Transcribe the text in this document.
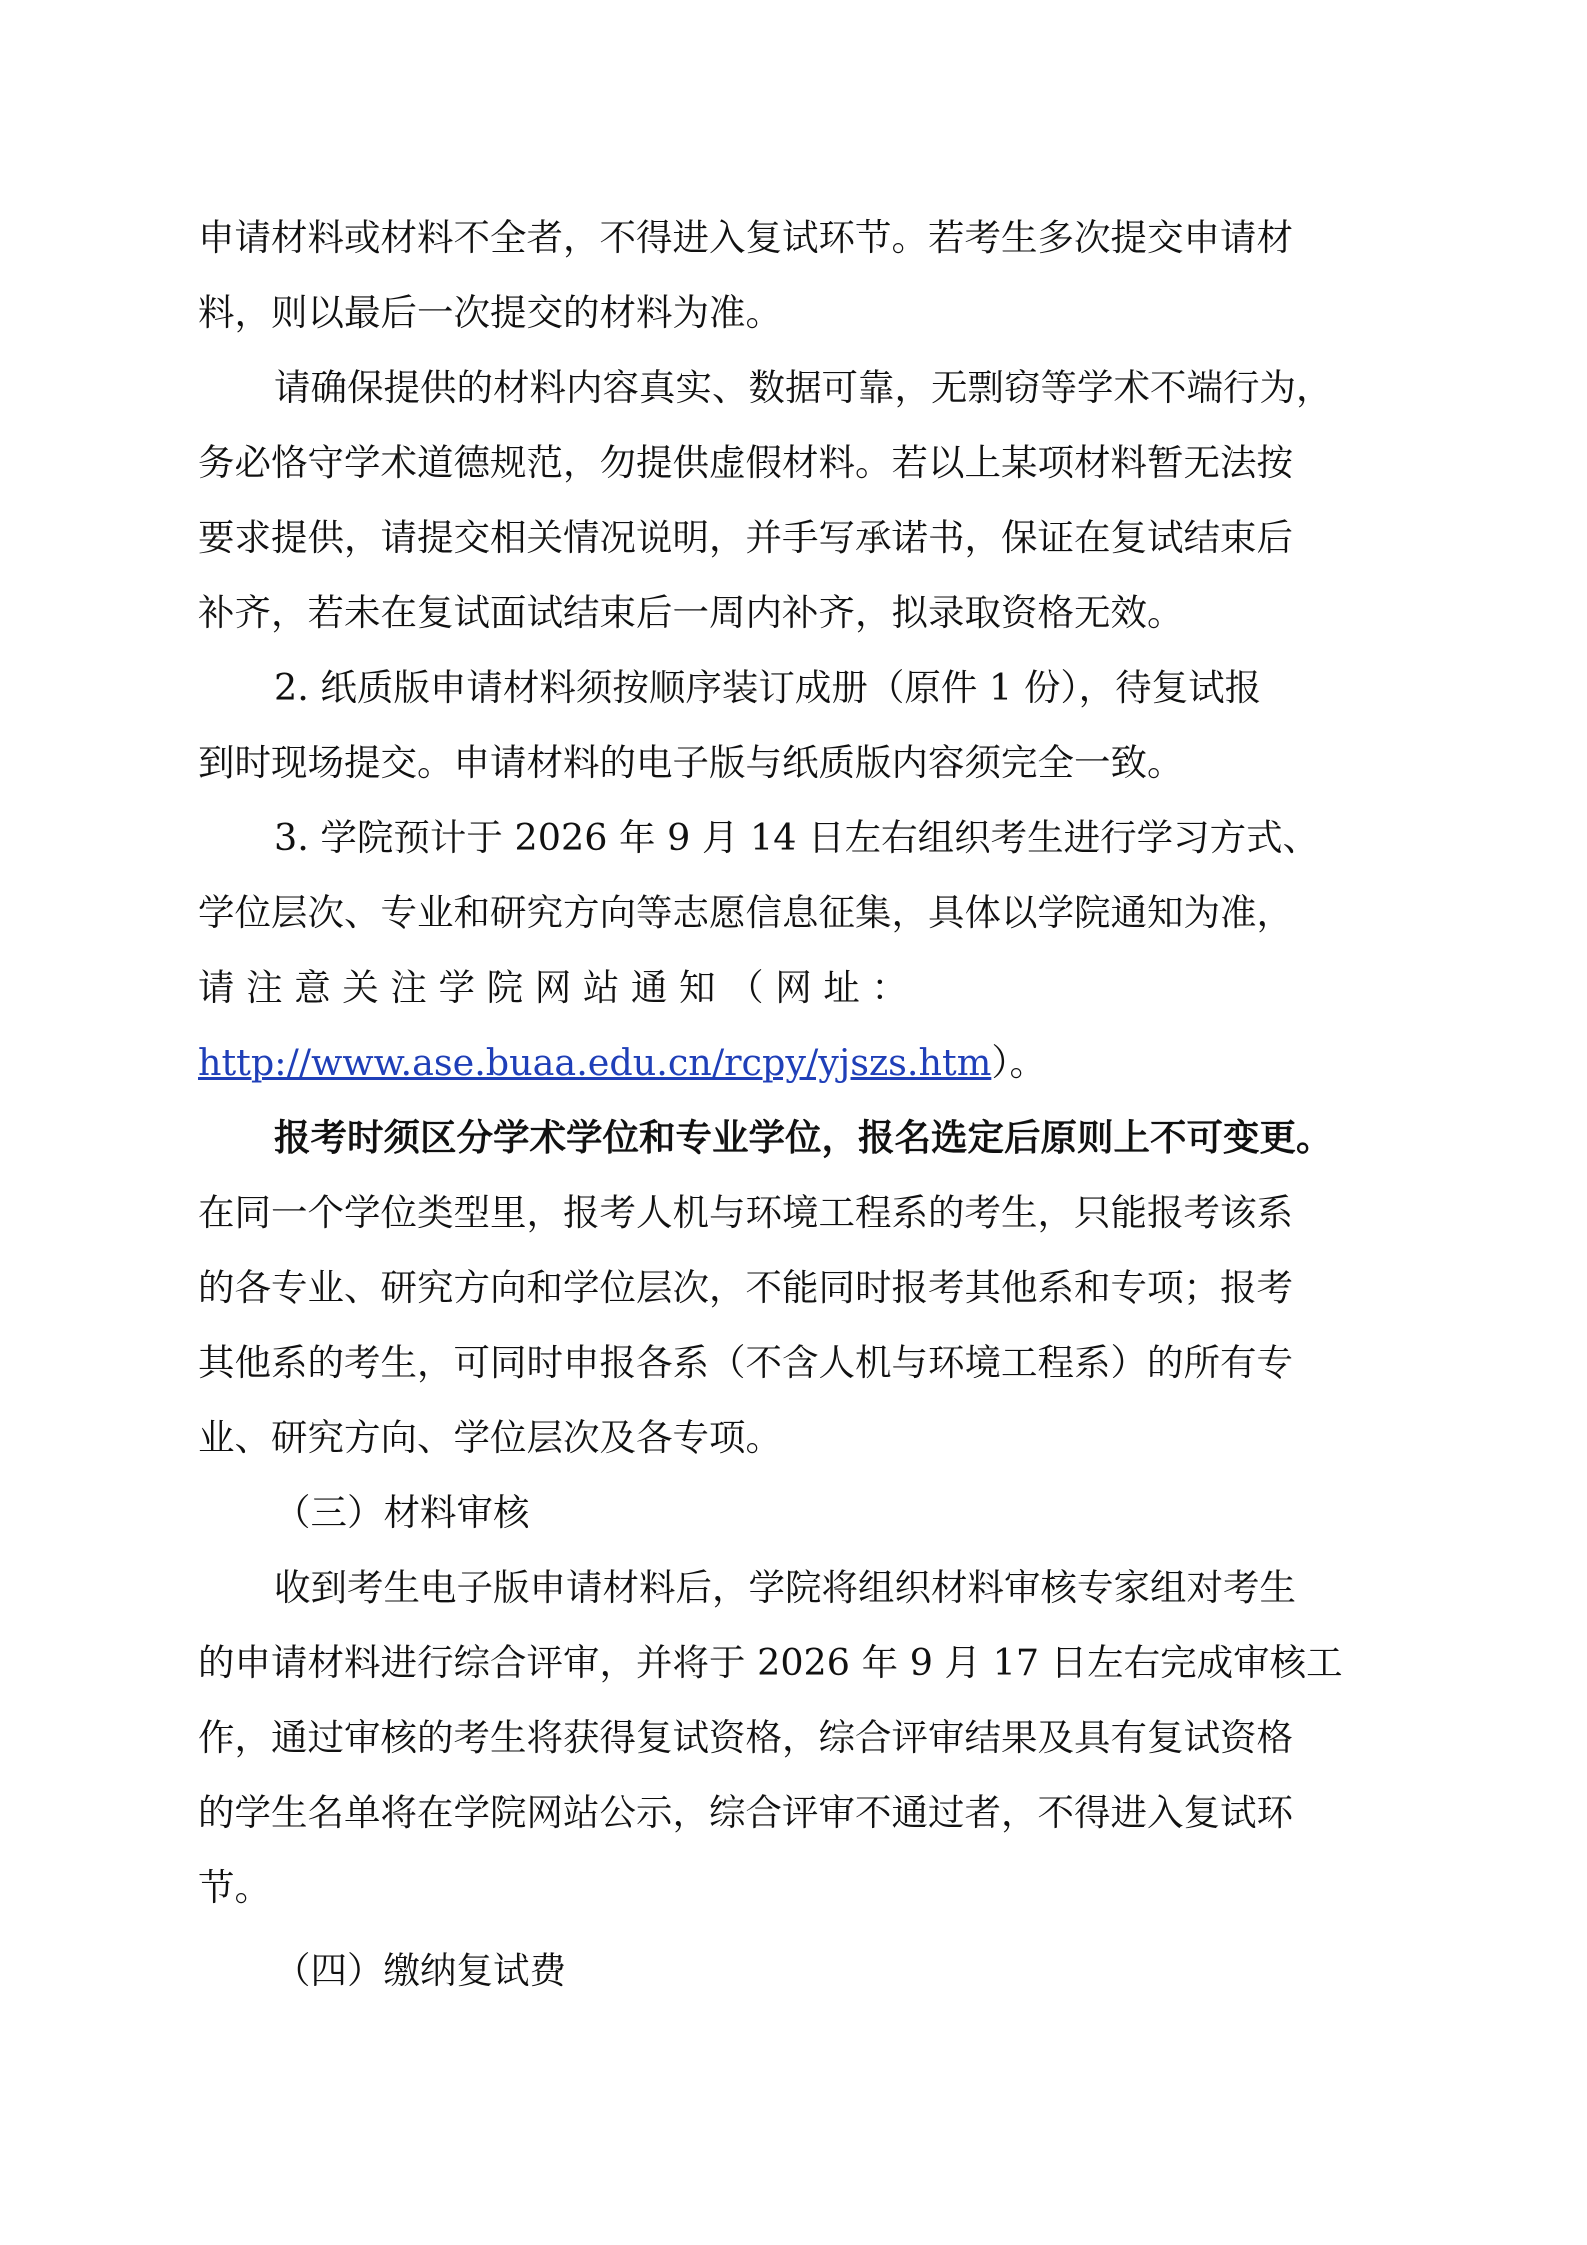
申请材料或材料不全者，不得进入复试环节。若考生多次提交申请材
料，则以最后一次提交的材料为准。
请确保提供的材料内容真实、数据可靠，无剽窃等学术不端行为，
务必恪守学术道德规范，勿提供虚假材料。若以上某项材料暂无法按
要求提供，请提交相关情况说明，并手写承诺书，保证在复试结束后
补齐，若未在复试面试结束后一周内补齐，拟录取资格无效。
2. 纸质版申请材料须按顺序装订成册（原件 1 份），待复试报
到时现场提交。申请材料的电子版与纸质版内容须完全一致。
3. 学院预计于 2026 年 9 月 14 日左右组织考生进行学习方式、
学位层次、专业和研究方向等志愿信息征集，具体以学院通知为准，
请 注 意 关 注 学 院 网 站 通 知 （ 网 址 ：
http://www.ase.buaa.edu.cn/rcpy/yjszs.htm）。
报考时须区分学术学位和专业学位，报名选定后原则上不可变更。
在同一个学位类型里，报考人机与环境工程系的考生，只能报考该系
的各专业、研究方向和学位层次，不能同时报考其他系和专项；报考
其他系的考生，可同时申报各系（不含人机与环境工程系）的所有专
业、研究方向、学位层次及各专项。
（三）材料审核
收到考生电子版申请材料后，学院将组织材料审核专家组对考生
的申请材料进行综合评审，并将于 2026 年 9 月 17 日左右完成审核工
作，通过审核的考生将获得复试资格，综合评审结果及具有复试资格
的学生名单将在学院网站公示，综合评审不通过者，不得进入复试环
节。
（四）缴纳复试费
